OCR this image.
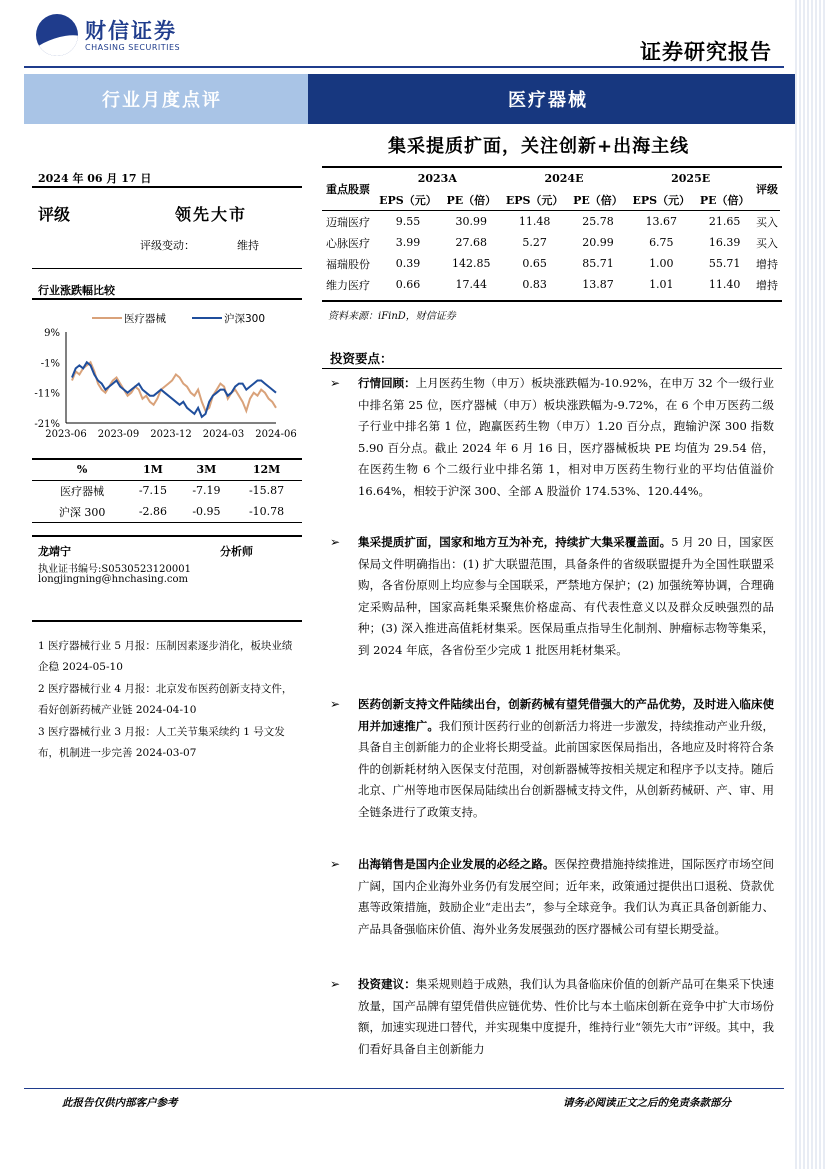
财信证券
CHASING SECURITIES	证券研究报告
行业月度点评	医疗器械
集采提质扩面，关注创新+出海主线
2024 年 06 月 17 日
评级	领先大市
评级变动：	维持
行业涨跌幅比较
9%
-1%
-11%
-21%
2023-06 2023-09 2023-12 2024-03 2024-06
医疗器械	沪深300
%	1M	3M	12M
医疗器械	-7.15	-7.19	-15.87
沪深 300	-2.86	-0.95	-10.78
龙靖宁	分析师
执业证书编号:S0530523120001
longjingning@hnchasing.com
1 医疗器械行业 5 月报：压制因素逐步消化，板块业绩企稳 2024-05-10
2 医疗器械行业 4 月报：北京发布医药创新支持文件，看好创新药械产业链 2024-04-10
3 医疗器械行业 3 月报：人工关节集采续约 1 号文发布，机制进一步完善 2024-03-07
重点股票	2023A		2024E		2025E		评级
	EPS（元）	PE（倍）	EPS（元）	PE（倍）	EPS（元）	PE（倍）	
迈瑞医疗	9.55	30.99	11.48	25.78	13.67	21.65	买入
心脉医疗	3.99	27.68	5.27	20.99	6.75	16.39	买入
福瑞股份	0.39	142.85	0.65	85.71	1.00	55.71	增持
维力医疗	0.66	17.44	0.83	13.87	1.01	11.40	增持
资料来源：iFinD，财信证券
投资要点：
➢ 行情回顾：上月医药生物（申万）板块涨跌幅为-10.92%，在申万 32 个一级行业中排名第 25 位，医疗器械（申万）板块涨跌幅为-9.72%，在 6 个申万医药二级子行业中排名第 1 位，跑赢医药生物（申万）1.20 百分点，跑输沪深 300 指数 5.90 百分点。截止 2024 年 6 月 16 日，医疗器械板块 PE 均值为 29.54 倍，在医药生物 6 个二级行业中排名第 1，相对申万医药生物行业的平均估值溢价 16.64%，相较于沪深 300、全部 A 股溢价 174.53%、120.44%。
➢ 集采提质扩面，国家和地方互为补充，持续扩大集采覆盖面。5 月 20 日，国家医保局文件明确指出：(1) 扩大联盟范围，具备条件的省级联盟提升为全国性联盟采购，各省份原则上均应参与全国联采，严禁地方保护；(2) 加强统筹协调，合理确定采购品种，国家高耗集采聚焦价格虚高、有代表性意义以及群众反映强烈的品种；(3) 深入推进高值耗材集采。医保局重点指导生化制剂、肿瘤标志物等集采，到 2024 年底，各省份至少完成 1 批医用耗材集采。
➢ 医药创新支持文件陆续出台，创新药械有望凭借强大的产品优势，及时进入临床使用并加速推广。我们预计医药行业的创新活力将进一步激发，持续推动产业升级，具备自主创新能力的企业将长期受益。此前国家医保局指出，各地应及时将符合条件的创新耗材纳入医保支付范围，对创新器械等按相关规定和程序予以支持。随后北京、广州等地市医保局陆续出台创新器械支持文件，从创新药械研、产、审、用全链条进行了政策支持。
➢ 出海销售是国内企业发展的必经之路。医保控费措施持续推进，国际医疗市场空间广阔，国内企业海外业务仍有发展空间；近年来，政策通过提供出口退税、贷款优惠等政策措施，鼓励企业“走出去”，参与全球竞争。我们认为真正具备创新能力、产品具备强临床价值、海外业务发展强劲的医疗器械公司有望长期受益。
➢ 投资建议：集采规则趋于成熟，我们认为具备临床价值的创新产品可在集采下快速放量，国产品牌有望凭借供应链优势、性价比与本土临床创新在竞争中扩大市场份额，加速实现进口替代，并实现集中度提升，维持行业“领先大市”评级。其中，我们看好具备自主创新能力
此报告仅供内部客户参考	请务必阅读正文之后的免责条款部分
